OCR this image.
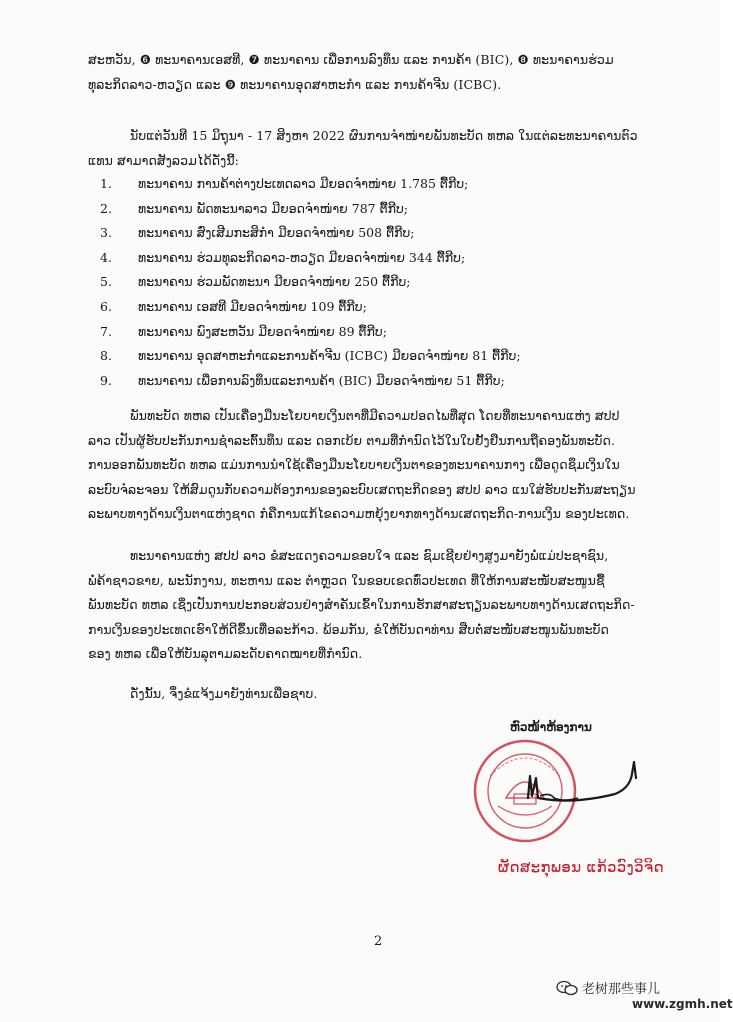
ສະຫວັນ, ❻ ທະນາຄານເອສທີ, ❼ ທະນາຄານ ເພື່ອການລົງທຶນ ແລະ ການຄ້າ (BIC), ❽ ທະນາຄານຮ່ວມ
ທຸລະກິດລາວ-ຫວຽດ ແລະ ❾ ທະນາຄານອຸດສາຫະກຳ ແລະ ການຄ້າຈີນ (ICBC).
ນັບແຕ່ວັນທີ 15 ມິຖຸນາ - 17 ສິງຫາ 2022 ຜົນການຈຳໜ່າຍພັນທະບັດ ທຫລ ໃນແຕ່ລະທະນາຄານຕົວ
ແທນ ສາມາດສັງລວມໄດ້ດັ່ງນີ້:
1.	ທະນາຄານ ການຄ້າຕ່າງປະເທດລາວ ມີຍອດຈຳໜ່າຍ 1.785 ຕື້ກີບ;
2.	ທະນາຄານ ພັດທະນາລາວ ມີຍອດຈຳໜ່າຍ 787 ຕື້ກີບ;
3.	ທະນາຄານ ສົ່ງເສີມກະສິກຳ ມີຍອດຈຳໜ່າຍ 508 ຕື້ກີບ;
4.	ທະນາຄານ ຮ່ວມທຸລະກິດລາວ-ຫວຽດ ມີຍອດຈຳໜ່າຍ 344 ຕື້ກີບ;
5.	ທະນາຄານ ຮ່ວມພັດທະນາ ມີຍອດຈຳໜ່າຍ 250 ຕື້ກີບ;
6.	ທະນາຄານ ເອສທີ ມີຍອດຈຳໜ່າຍ 109 ຕື້ກີບ;
7.	ທະນາຄານ ພົງສະຫວັນ ມີຍອດຈຳໜ່າຍ 89 ຕື້ກີບ;
8.	ທະນາຄານ ອຸດສາຫະກຳແລະການຄ້າຈີນ (ICBC) ມີຍອດຈຳໜ່າຍ 81 ຕື້ກີບ;
9.	ທະນາຄານ ເພື່ອການລົງທຶນແລະການຄ້າ (BIC) ມີຍອດຈຳໜ່າຍ 51 ຕື້ກີບ;
ພັນທະບັດ ທຫລ ເປັນເຄື່ອງມືນະໂຍບາຍເງິນຕາທີ່ມີຄວາມປອດໄພທີ່ສຸດ ໂດຍທີ່ທະນາຄານແຫ່ງ ສປປ
ລາວ ເປັນຜູ້ຮັບປະກັນການຊຳລະຕົ້ນທຶນ ແລະ ດອກເບ້ຍ ຕາມທີ່ກຳນົດໄວ້ໃນໃບຢັ້ງຢືນການຖືຄອງພັນທະບັດ.
ການອອກພັນທະບັດ ທຫລ ແມ່ນການນຳໃຊ້ເຄື່ອງມືນະໂຍບາຍເງິນຕາຂອງທະນາຄານກາງ ເພື່ອດູດຊຶມເງິນໃນ
ລະບົບຈໍລະຈອນ ໃຫ້ສົມດູນກັບຄວາມຕ້ອງການຂອງລະບົບເສດຖະກິດຂອງ ສປປ ລາວ ແນໃສ່ຮັບປະກັນສະຖຽນ
ລະພາບທາງດ້ານເງິນຕາແຫ່ງຊາດ ກໍຄືການແກ້ໄຂຄວາມຫຍຸ້ງຍາກທາງດ້ານເສດຖະກິດ-ການເງິນ ຂອງປະເທດ.
ທະນາຄານແຫ່ງ ສປປ ລາວ ຂໍສະແດງຄວາມຂອບໃຈ ແລະ ຊົມເຊີຍຢ່າງສູງມາຍັງພໍ່ແມ່ປະຊາຊົນ,
ພໍ່ຄ້າຊາວຂາຍ, ພະນັກງານ, ທະຫານ ແລະ ຕຳຫຼວດ ໃນຂອບເຂດທົ່ວປະເທດ ທີ່ໃຫ້ການສະໜັບສະໜູນຊື້
ພັນທະບັດ ທຫລ ເຊິ່ງເປັນການປະກອບສ່ວນຢ່າງສຳຄັນເຂົ້າໃນການຮັກສາສະຖຽນລະພາບທາງດ້ານເສດຖະກິດ-
ການເງິນຂອງປະເທດເຮົາໃຫ້ດີຂຶ້ນເທື່ອລະກ້າວ. ພ້ອມກັນ, ຂໍໃຫ້ບັນດາທ່ານ ສືບຕໍ່ສະໜັບສະໜູນພັນທະບັດ
ຂອງ ທຫລ ເພື່ອໃຫ້ບັນລຸຕາມລະດັບຄາດໝາຍທີ່ກຳນົດ.
ດັ່ງນັ້ນ, ຈຶ່ງຂໍແຈ້ງມາຍັງທ່ານເພື່ອຊາບ.
ຫົວໜ້າຫ້ອງການ
ຜັດສະກຸພອນ ແກ້ວວົງວິຈິດ
2
老树那些事儿
www.zgmh.net
